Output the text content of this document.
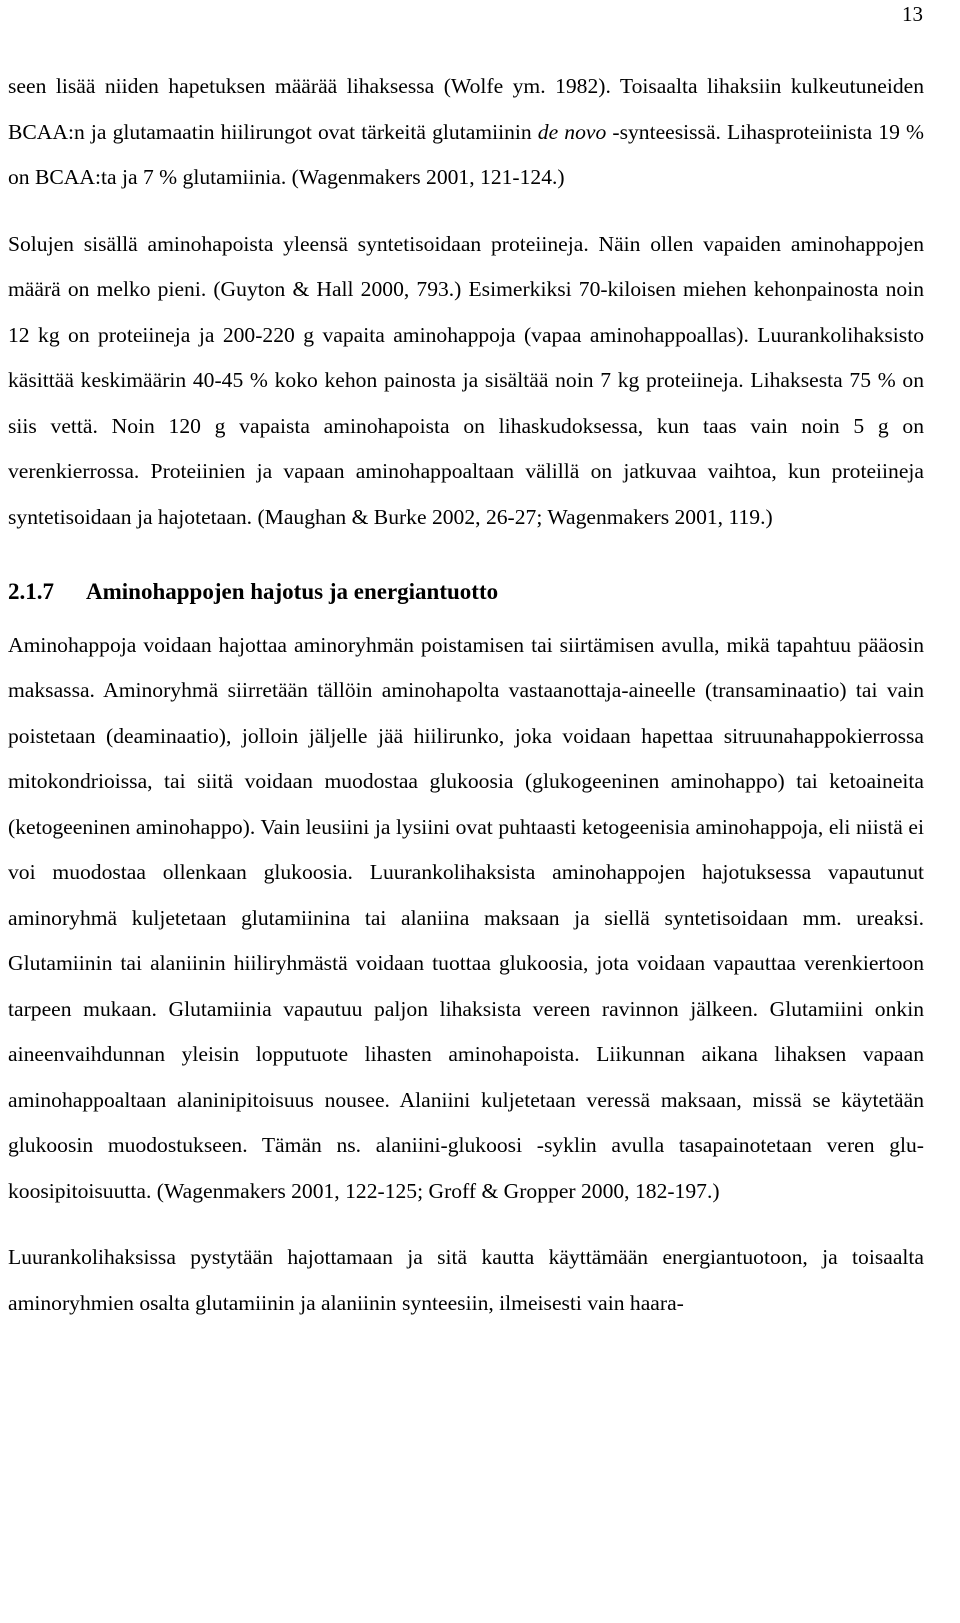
13

seen lisää niiden hapetuksen määrää lihaksessa (Wolfe ym. 1982). Toisaalta lihaksiin kulkeutuneiden BCAA:n ja glutamaatin hiilirungot ovat tärkeitä glutamiinin de novo -synteesissä. Lihasproteiinista 19 % on BCAA:ta ja 7 % glutamiinia. (Wagenmakers 2001, 121-124.)

Solujen sisällä aminohapoista yleensä syntetisoidaan proteiineja. Näin ollen vapaiden aminohappojen määrä on melko pieni. (Guyton & Hall 2000, 793.) Esimerkiksi 70-kiloisen miehen kehonpainosta noin 12 kg on proteiineja ja 200-220 g vapaita aminohappoja (vapaa aminohappoallas). Luurankolihaksisto käsittää keskimäärin 40-45 % koko kehon painosta ja sisältää noin 7 kg proteiineja. Lihaksesta 75 % on siis vettä. Noin 120 g vapaista aminohapoista on lihaskudoksessa, kun taas vain noin 5 g on verenkierrossa. Proteiinien ja vapaan aminohappoaltaan välillä on jatkuvaa vaihtoa, kun proteiineja syntetisoidaan ja hajotetaan. (Maughan & Burke 2002, 26-27; Wagenmakers 2001, 119.)

2.1.7 Aminohappojen hajotus ja energiantuotto

Aminohappoja voidaan hajottaa aminoryhmän poistamisen tai siirtämisen avulla, mikä tapahtuu pääosin maksassa. Aminoryhmä siirretään tällöin aminohapolta vastaanottaja-aineelle (transaminaatio) tai vain poistetaan (deaminaatio), jolloin jäljelle jää hiilirunko, joka voidaan hapettaa sitruunahappokierrossa mitokondrioissa, tai siitä voidaan muodostaa glukoosia (glukogeeninen aminohappo) tai ketoaineita (ketogeeninen aminohappo). Vain leusiini ja lysiini ovat puhtaasti ketogeenisia aminohappoja, eli niistä ei voi muodostaa ollenkaan glukoosia. Luurankolihaksista aminohappojen hajotuksessa vapautunut aminoryhmä kuljetetaan glutamiinina tai alaniina maksaan ja siellä syntetisoidaan mm. ureaksi. Glutamiinin tai alaniinin hiiliryhmästä voidaan tuottaa glukoosia, jota voidaan vapauttaa verenkiertoon tarpeen mukaan. Glutamiinia vapautuu paljon lihaksista vereen ravinnon jälkeen. Glutamiini onkin aineenvaihdunnan yleisin lopputuote lihasten aminohapoista. Liikunnan aikana lihaksen vapaan aminohappoaltaan alaninipitoisuus nousee. Alaniini kuljetetaan veressä maksaan, missä se käytetään glukoosin muodostukseen. Tämän ns. alaniini-glukoosi -syklin avulla tasapainotetaan veren glukoosipitoisuutta. (Wagenmakers 2001, 122-125; Groff & Gropper 2000, 182-197.)

Luurankolihaksissa pystytään hajottamaan ja sitä kautta käyttämään energiantuotoon, ja toisaalta aminoryhmien osalta glutamiinin ja alaniinin synteesiin, ilmeisesti vain haara-
